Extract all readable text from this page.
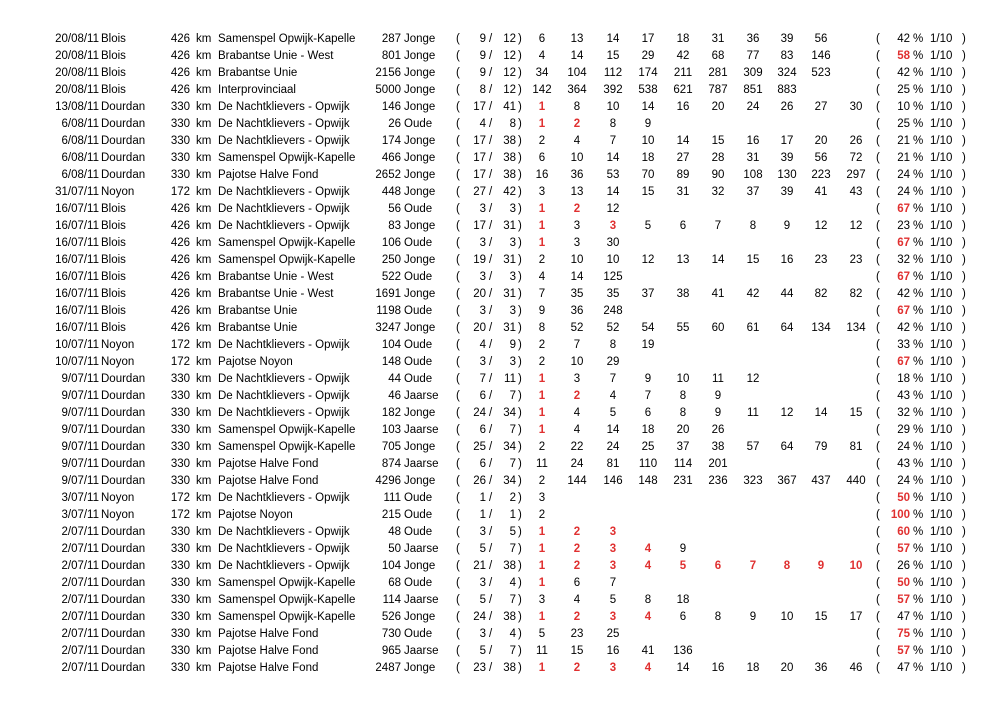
20/08/11 Blois	426 km Samenspel Opwijk-Kapelle	287 Jonge (	9 / 12 )	6	13	14	17	18	31	36	39	56	(	42 % 1/10 )
20/08/11 Blois	426 km Brabantse Unie - West	801 Jonge (	9 / 12 )	4	14	15	29	42	68	77	83	146	(	58 % 1/10 )
20/08/11 Blois	426 km Brabantse Unie	2156 Jonge (	9 / 12 )	34	104	112	174	211	281	309	324	523	(	42 % 1/10 )
20/08/11 Blois	426 km Interprovinciaal	5000 Jonge (	8 / 12 ) 142	364	392	538	621	787	851	883	(	25 % 1/10 )
13/08/11 Dourdan	330 km De Nachtklievers - Opwijk	146 Jonge (	17 / 41 )	1	8	10	14	16	20	24	26	27	30	(	10 % 1/10 )
6/08/11 Dourdan	330 km De Nachtklievers - Opwijk	26 Oude (	4 /	8 )	1	2	8	9	(	25 % 1/10 )
6/08/11 Dourdan	330 km De Nachtklievers - Opwijk	174 Jonge (	17 / 38 )	2	4	7	10	14	15	16	17	20	26	(	21 % 1/10 )
6/08/11 Dourdan	330 km Samenspel Opwijk-Kapelle	466 Jonge (	17 / 38 )	6	10	14	18	27	28	31	39	56	72	(	21 % 1/10 )
6/08/11 Dourdan	330 km Pajotse Halve Fond	2652 Jonge (	17 / 38 )	16	36	53	70	89	90	108	130	223	297 (	24 % 1/10 )
31/07/11 Noyon	172 km De Nachtklievers - Opwijk	448 Jonge (	27 / 42 )	3	13	14	15	31	32	37	39	41	43	(	24 % 1/10 )
16/07/11 Blois	426 km De Nachtklievers - Opwijk	56 Oude (	3 /	3 )	1	2	12	(	67 % 1/10 )
16/07/11 Blois	426 km De Nachtklievers - Opwijk	83 Jonge (	17 / 31 )	1	3	3	5	6	7	8	9	12	12	(	23 % 1/10 )
16/07/11 Blois	426 km Samenspel Opwijk-Kapelle	106 Oude (	3 /	3 )	1	3	30	(	67 % 1/10 )
16/07/11 Blois	426 km Samenspel Opwijk-Kapelle	250 Jonge (	19 / 31 )	2	10	10	12	13	14	15	16	23	23	(	32 % 1/10 )
16/07/11 Blois	426 km Brabantse Unie - West	522 Oude (	3 /	3 )	4	14	125	(	67 % 1/10 )
16/07/11 Blois	426 km Brabantse Unie - West	1691 Jonge (	20 / 31 )	7	35	35	37	38	41	42	44	82	82	(	42 % 1/10 )
16/07/11 Blois	426 km Brabantse Unie	1198 Oude (	3 /	3 )	9	36	248	(	67 % 1/10 )
16/07/11 Blois	426 km Brabantse Unie	3247 Jonge (	20 / 31 )	8	52	52	54	55	60	61	64	134	134 (	42 % 1/10 )
10/07/11 Noyon	172 km De Nachtklievers - Opwijk	104 Oude (	4 /	9 )	2	7	8	19	(	33 % 1/10 )
10/07/11 Noyon	172 km Pajotse Noyon	148 Oude (	3 /	3 )	2	10	29	(	67 % 1/10 )
9/07/11 Dourdan	330 km De Nachtklievers - Opwijk	44 Oude (	7 /	11 )	1	3	7	9	10	11	12	(	18 % 1/10 )
9/07/11 Dourdan	330 km De Nachtklievers - Opwijk	46 Jaarse (	6 /	7 )	1	2	4	7	8	9	(	43 % 1/10 )
9/07/11 Dourdan	330 km De Nachtklievers - Opwijk	182 Jonge (	24 / 34 )	1	4	5	6	8	9	11	12	14	15	(	32 % 1/10 )
9/07/11 Dourdan	330 km Samenspel Opwijk-Kapelle	103 Jaarse (	6 /	7 )	1	4	14	18	20	26	(	29 % 1/10 )
9/07/11 Dourdan	330 km Samenspel Opwijk-Kapelle	705 Jonge (	25 / 34 )	2	22	24	25	37	38	57	64	79	81	(	24 % 1/10 )
9/07/11 Dourdan	330 km Pajotse Halve Fond	874 Jaarse (	6 /	7 )	11	24	81	110	114	201	(	43 % 1/10 )
9/07/11 Dourdan	330 km Pajotse Halve Fond	4296 Jonge (	26 / 34 )	2	144	146	148	231	236	323	367	437	440 (	24 % 1/10 )
3/07/11 Noyon	172 km De Nachtklievers - Opwijk	111 Oude (	1 /	2 )	3	(	50 % 1/10 )
3/07/11 Noyon	172 km Pajotse Noyon	215 Oude (	1 /	1 )	2	( 100 % 1/10 )
2/07/11 Dourdan	330 km De Nachtklievers - Opwijk	48 Oude (	3 /	5 )	1	2	3	(	60 % 1/10 )
2/07/11 Dourdan	330 km De Nachtklievers - Opwijk	50 Jaarse (	5 /	7 )	1	2	3	4	9	(	57 % 1/10 )
2/07/11 Dourdan	330 km De Nachtklievers - Opwijk	104 Jonge (	21 / 38 )	1	2	3	4	5	6	7	8	9	10	(	26 % 1/10 )
2/07/11 Dourdan	330 km Samenspel Opwijk-Kapelle	68 Oude (	3 /	4 )	1	6	7	(	50 % 1/10 )
2/07/11 Dourdan	330 km Samenspel Opwijk-Kapelle	114 Jaarse (	5 /	7 )	3	4	5	8	18	(	57 % 1/10 )
2/07/11 Dourdan	330 km Samenspel Opwijk-Kapelle	526 Jonge (	24 / 38 )	1	2	3	4	6	8	9	10	15	17	(	47 % 1/10 )
2/07/11 Dourdan	330 km Pajotse Halve Fond	730 Oude (	3 /	4 )	5	23	25	(	75 % 1/10 )
2/07/11 Dourdan	330 km Pajotse Halve Fond	965 Jaarse (	5 /	7 )	11	15	16	41	136	(	57 % 1/10 )
2/07/11 Dourdan	330 km Pajotse Halve Fond	2487 Jonge (	23 / 38 )	1	2	3	4	14	16	18	20	36	46	(	47 % 1/10 )
